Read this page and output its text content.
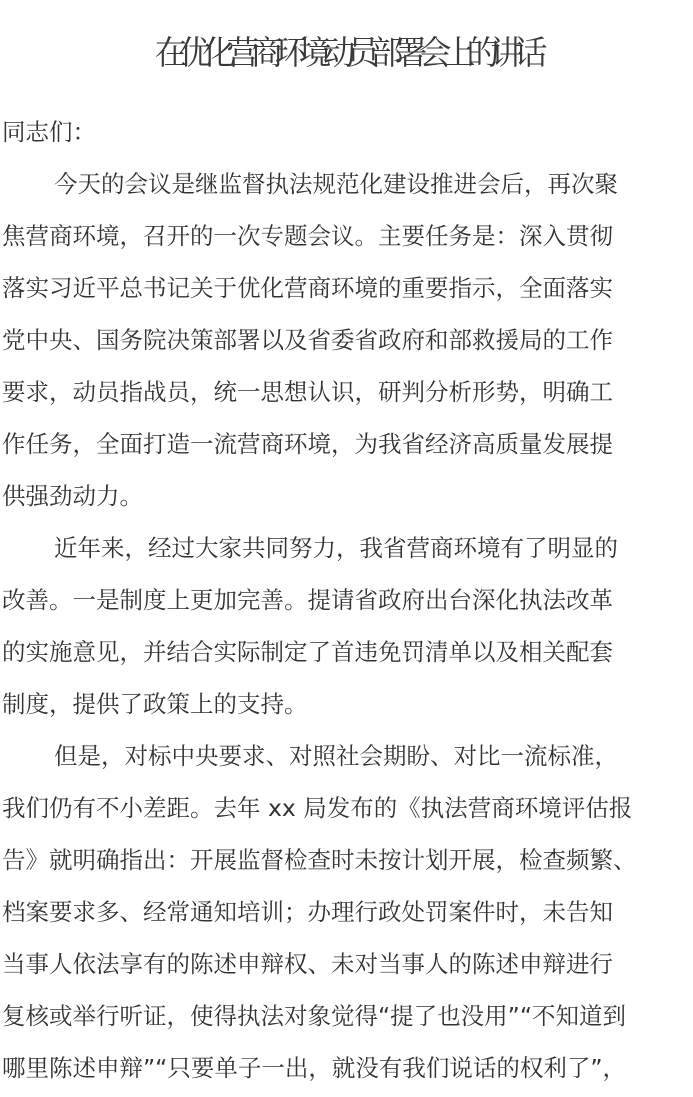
在优化营商环境动员部署会上的讲话
同志们：
今天的会议是继监督执法规范化建设推进会后，再次聚
焦营商环境，召开的一次专题会议。主要任务是：深入贯彻
落实习近平总书记关于优化营商环境的重要指示，全面落实
党中央、国务院决策部署以及省委省政府和部救援局的工作
要求，动员指战员，统一思想认识，研判分析形势，明确工
作任务，全面打造一流营商环境，为我省经济高质量发展提
供强劲动力。
近年来，经过大家共同努力，我省营商环境有了明显的
改善。一是制度上更加完善。提请省政府出台深化执法改革
的实施意见，并结合实际制定了首违免罚清单以及相关配套
制度，提供了政策上的支持。
但是，对标中央要求、对照社会期盼、对比一流标准，
我们仍有不小差距。去年 xx 局发布的《执法营商环境评估报
告》就明确指出：开展监督检查时未按计划开展，检查频繁、
档案要求多、经常通知培训；办理行政处罚案件时，未告知
当事人依法享有的陈述申辩权、未对当事人的陈述申辩进行
复核或举行听证，使得执法对象觉得“提了也没用”“不知道到
哪里陈述申辩”“只要单子一出，就没有我们说话的权利了”，
